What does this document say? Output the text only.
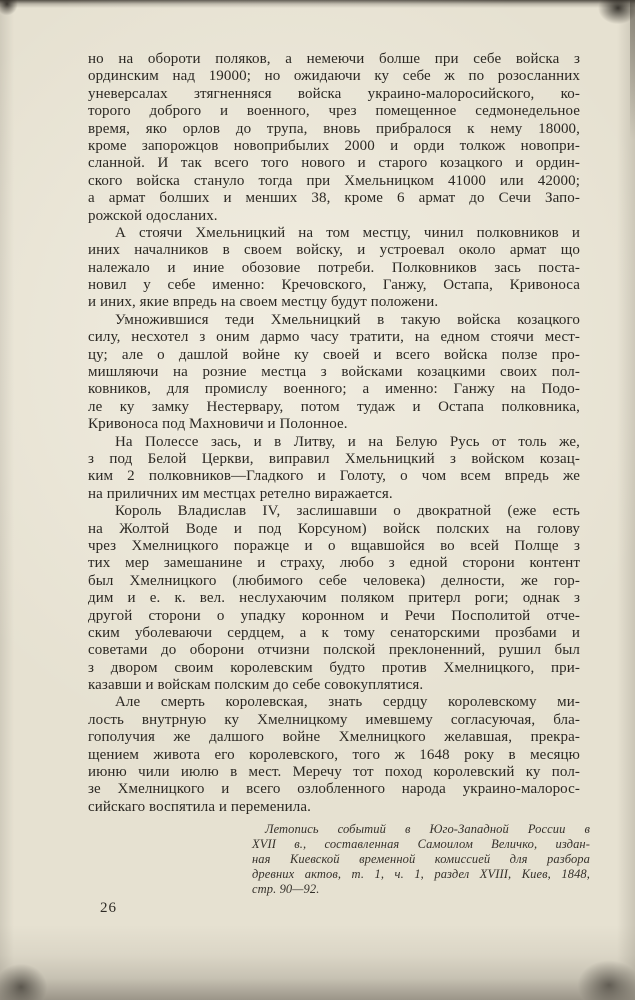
но на обороти поляков, а немеючи болше при себе войска з
ординским над 19000; но ожидаючи ку себе ж по розосланних
уневерсалах зтягненняся войска украино-малоросийского, ко-
торого доброго и военного, чрез помещенное седмонедельное
время, яко орлов до трупа, вновь прибралося к нему 18000,
кроме запорожцов новоприбылих 2000 и орди толкож новопри-
сланной. И так всего того нового и старого козацкого и ордин-
ского войска стануло тогда при Хмельницком 41000 или 42000;
а армат болших и менших 38, кроме 6 армат до Сечи Запо-
рожской одосланих.
А стоячи Хмельницкий на том местцу, чинил полковников и
иних началников в своем войску, и устроевал около армат що
належало и иние обозовие потреби. Полковников зась поста-
новил у себе именно: Кречовского, Ганжу, Остапа, Кривоноса
и иних, якие впредь на своем местцу будут положени.
Умножившися теди Хмельницкий в такую войска козацкого
силу, несхотел з оним дармо часу тратити, на едном стоячи мест-
цу; але о дашлой войне ку своей и всего войска ползе про-
мишляючи на розние местца з войсками козацкими своих пол-
ковников, для промислу военного; а именно: Ганжу на Подо-
ле ку замку Нестервару, потом тудаж и Остапа полковника,
Кривоноса под Махновичи и Полонное.
На Полессе зась, и в Литву, и на Белую Русь от толь же,
з под Белой Церкви, виправил Хмельницкий з войском козац-
ким 2 полковников—Гладкого и Голоту, о чом всем впредь же
на приличних им местцах ретелно виражается.
Король Владислав IV, заслишавши о двократной (еже есть
на Жолтой Воде и под Корсуном) войск полских на голову
чрез Хмелницкого поражце и о вщавшойся во всей Полще з
тих мер замешанине и страху, любо з едной сторони контент
был Хмелницкого (любимого себе человека) делности, же гор-
дим и е. к. вел. неслухаючим поляком притерл роги; однак з
другой сторони о упадку коронном и Речи Посполитой отче-
ским уболеваючи сердцем, а к тому сенаторскими прозбами и
советами до оборони отчизни полской преклоненний, рушил был
з двором своим королевским будто против Хмелницкого, при-
казавши и войскам полским до себе совокуплятися.
Але смерть королевская, знать сердцу королевскому ми-
лость внутрную ку Хмелницкому имевшему согласуючая, бла-
гополучия же далшого войне Хмелницкого желавшая, прекра-
щением живота его королевского, того ж 1648 року в месяцю
июню чили июлю в мест. Меречу тот поход королевский ку пол-
зе Хмелницкого и всего озлобленного народа украино-малорос-
сийскаго воспятила и переменила.
Летопись событий в Юго-Западной России в
XVII в., составленная Самоилом Величко, издан-
ная Киевской временной комиссией для разбора
древних актов, т. 1, ч. 1, раздел XVIII, Киев, 1848,
стр. 90—92.
26
